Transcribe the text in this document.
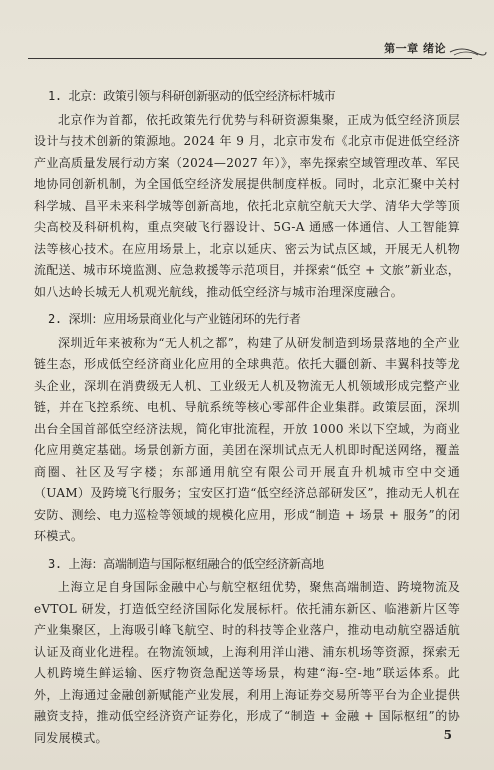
第一章 绪论
1. 北京：政策引领与科研创新驱动的低空经济标杆城市

北京作为首都，依托政策先行优势与科研资源集聚，正成为低空经济顶层设计与技术创新的策源地。2024 年 9 月，北京市发布《北京市促进低空经济产业高质量发展行动方案（2024—2027 年）》，率先探索空域管理改革、军民地协同创新机制，为全国低空经济发展提供制度样板。同时，北京汇聚中关村科学城、昌平未来科学城等创新高地，依托北京航空航天大学、清华大学等顶尖高校及科研机构，重点突破飞行器设计、5G-A 通感一体通信、人工智能算法等核心技术。在应用场景上，北京以延庆、密云为试点区域，开展无人机物流配送、城市环境监测、应急救援等示范项目，并探索“低空 + 文旅”新业态，如八达岭长城无人机观光航线，推动低空经济与城市治理深度融合。

2. 深圳：应用场景商业化与产业链闭环的先行者

深圳近年来被称为“无人机之都”，构建了从研发制造到场景落地的全产业链生态，形成低空经济商业化应用的全球典范。依托大疆创新、丰翼科技等龙头企业，深圳在消费级无人机、工业级无人机及物流无人机领域形成完整产业链，并在飞控系统、电机、导航系统等核心零部件企业集群。政策层面，深圳出台全国首部低空经济法规，简化审批流程，开放 1000 米以下空域，为商业化应用奠定基础。场景创新方面，美团在深圳试点无人机即时配送网络，覆盖商圈、社区及写字楼；东部通用航空有限公司开展直升机城市空中交通（UAM）及跨境飞行服务；宝安区打造“低空经济总部研发区”，推动无人机在安防、测绘、电力巡检等领域的规模化应用，形成“制造 + 场景 + 服务”的闭环模式。

3. 上海：高端制造与国际枢纽融合的低空经济新高地

上海立足自身国际金融中心与航空枢纽优势，聚焦高端制造、跨境物流及 eVTOL 研发，打造低空经济国际化发展标杆。依托浦东新区、临港新片区等产业集聚区，上海吸引峰飞航空、时的科技等企业落户，推动电动航空器适航认证及商业化进程。在物流领域，上海利用洋山港、浦东机场等资源，探索无人机跨境生鲜运输、医疗物资急配送等场景，构建“海-空-地”联运体系。此外，上海通过金融创新赋能产业发展，利用上海证券交易所等平台为企业提供融资支持，推动低空经济资产证券化，形成了“制造 + 金融 + 国际枢纽”的协同发展模式。	5
